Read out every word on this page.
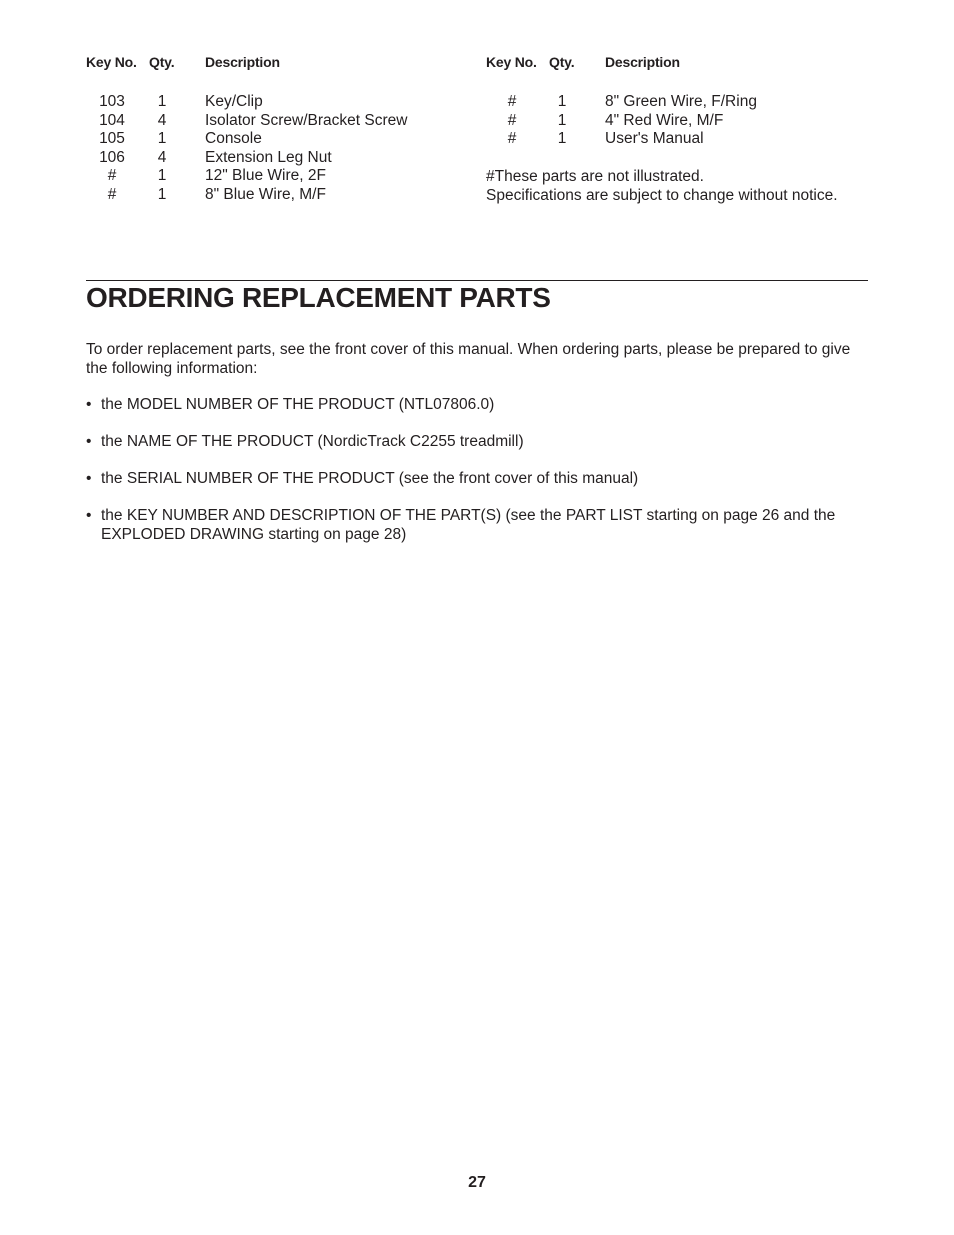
Key No. Qty. Description
103	1	Key/Clip
104	4	Isolator Screw/Bracket Screw
105	1	Console
106	4	Extension Leg Nut
#	1	12" Blue Wire, 2F
#	1	8" Blue Wire, M/F
Key No. Qty. Description
#	1	8" Green Wire, F/Ring
#	1	4" Red Wire, M/F
#	1	User's Manual
#These parts are not illustrated.
Specifications are subject to change without notice.
ORDERING REPLACEMENT PARTS

To order replacement parts, see the front cover of this manual. When ordering parts, please be prepared to give the following information:

• the MODEL NUMBER OF THE PRODUCT (NTL07806.0)
• the NAME OF THE PRODUCT (NordicTrack C2255 treadmill)
• the SERIAL NUMBER OF THE PRODUCT (see the front cover of this manual)
• the KEY NUMBER AND DESCRIPTION OF THE PART(S) (see the PART LIST starting on page 26 and the EXPLODED DRAWING starting on page 28)
27
